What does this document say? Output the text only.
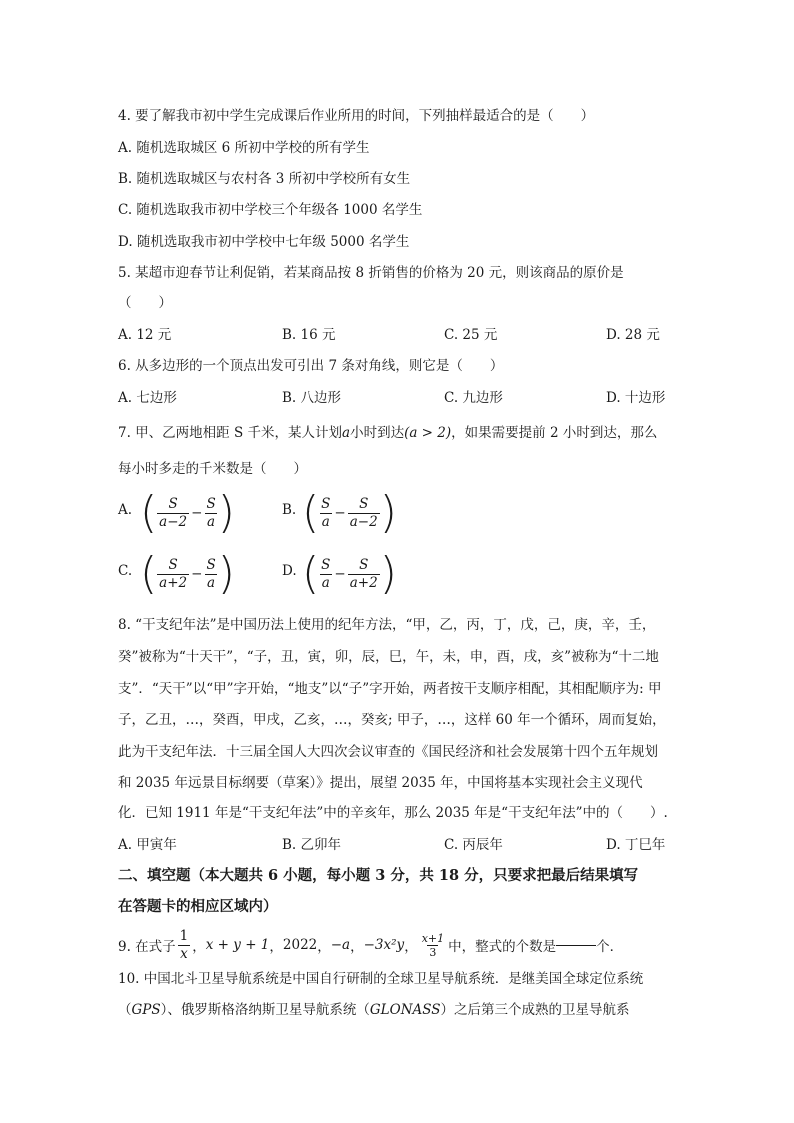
4. 要了解我市初中学生完成课后作业所用的时间，下列抽样最适合的是（　　）
A. 随机选取城区 6 所初中学校的所有学生
B. 随机选取城区与农村各 3 所初中学校所有女生
C. 随机选取我市初中学校三个年级各 1000 名学生
D. 随机选取我市初中学校中七年级 5000 名学生
5. 某超市迎春节让利促销，若某商品按 8 折销售的价格为 20 元，则该商品的原价是
（　　）
A. 12 元	B. 16 元	C. 25 元	D. 28 元
6. 从多边形的一个顶点出发可引出 7 条对角线，则它是（　　）
A. 七边形	B. 八边形	C. 九边形	D. 十边形
7. 甲、乙两地相距 S 千米，某人计划a小时到达(a > 2)，如果需要提前 2 小时到达，那么
每小时多走的千米数是（　　）
A. ( $\frac{S}{a-2} - \frac{S}{a}$ )	B. ( $\frac{S}{a} - \frac{S}{a-2}$ )
C. ( $\frac{S}{a+2} - \frac{S}{a}$ )	D. ( $\frac{S}{a} - \frac{S}{a+2}$ )
8. “干支纪年法”是中国历法上使用的纪年方法，“甲，乙，丙，丁，戊，己，庚，辛，壬，
癸”被称为“十天干”，“子，丑，寅，卯，辰，巳，午，未，申，酉，戌，亥”被称为“十二地
支”．“天干”以“甲”字开始，“地支”以“子”字开始，两者按干支顺序相配，其相配顺序为: 甲
子，乙丑，…，癸酉，甲戌，乙亥，…，癸亥; 甲子，…，这样 60 年一个循环，周而复始，
此为干支纪年法．十三届全国人大四次会议审查的《国民经济和社会发展第十四个五年规划
和 2035 年远景目标纲要（草案）》提出，展望 2035 年，中国将基本实现社会主义现代
化．已知 1911 年是“干支纪年法”中的辛亥年，那么 2035 年是“干支纪年法”中的（　　）.
A. 甲寅年	B. 乙卯年	C. 丙辰年	D. 丁巳年
二、填空题（本大题共 6 小题，每小题 3 分，共 18 分，只要求把最后结果填写
在答题卡的相应区域内）
9. 在式子 $\frac{1}{x}$ ， x + y + 1 ， 2022 ， −a ， −3x²y ， $\frac{x+1}{3}$ 中，整式的个数是	个．
10. 中国北斗卫星导航系统是中国自行研制的全球卫星导航系统．是继美国全球定位系统
（GPS）、俄罗斯格洛纳斯卫星导航系统（GLONASS）之后第三个成熟的卫星导航系
